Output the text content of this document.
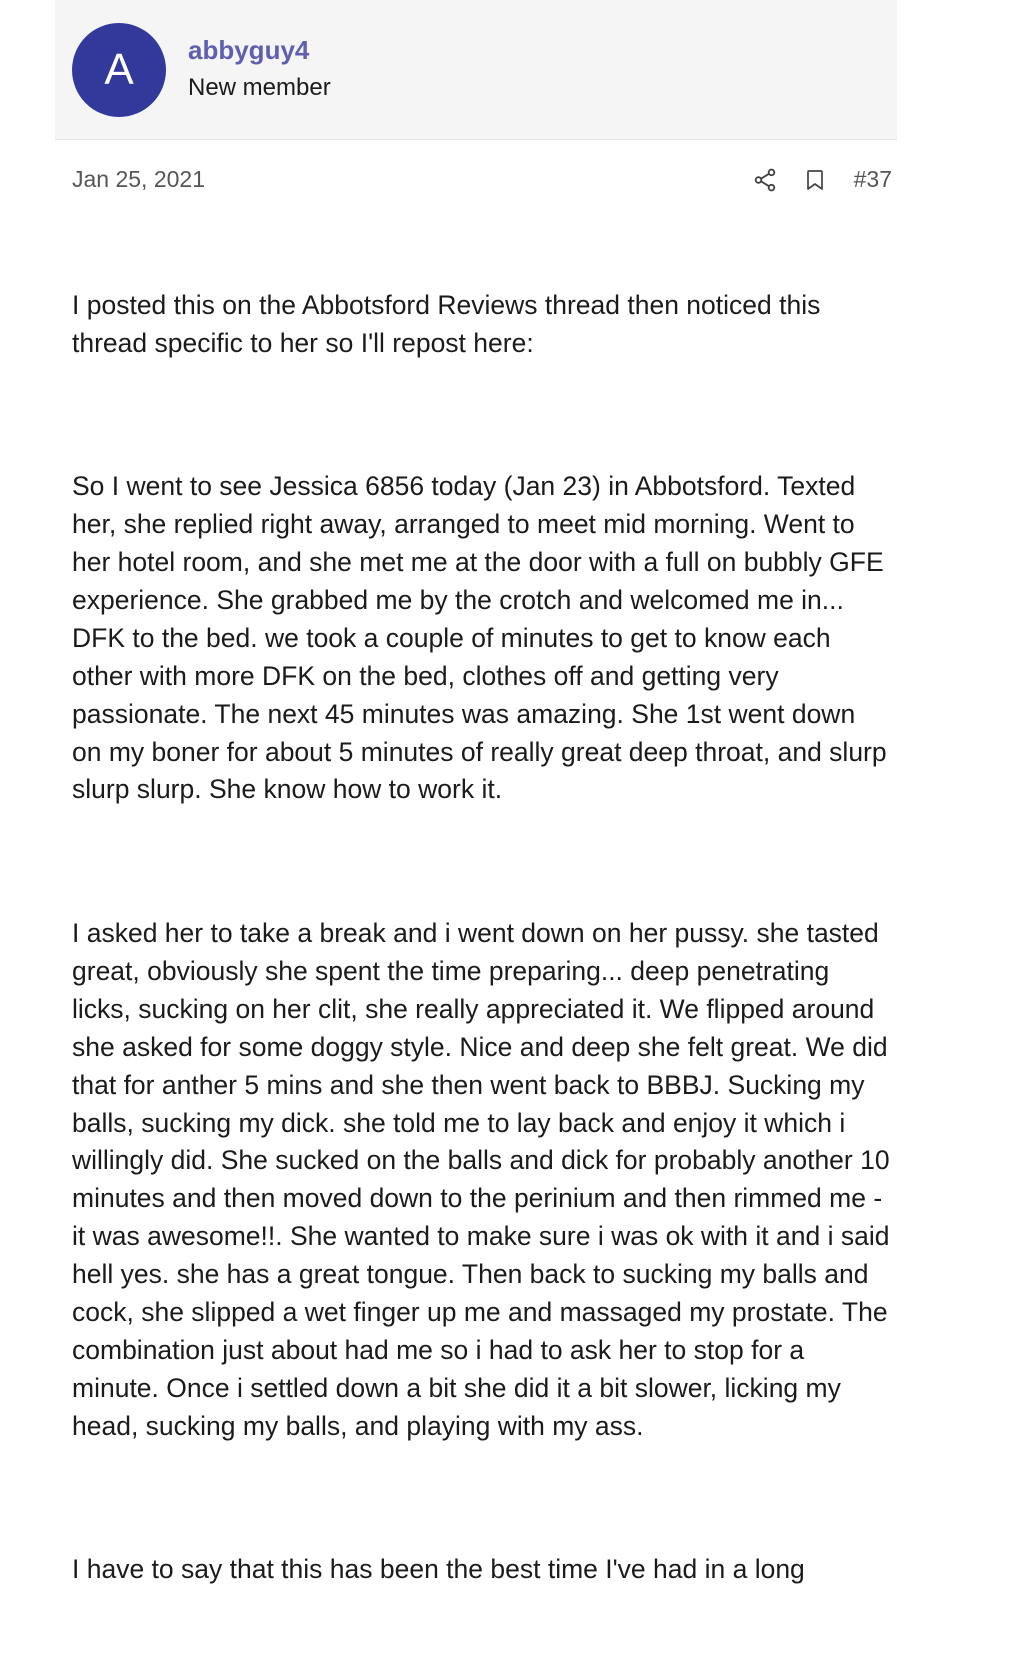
A	abbyguy4
New member
Jan 25, 2021	#37

I posted this on the Abbotsford Reviews thread then noticed this thread specific to her so I'll repost here:

So I went to see Jessica 6856 today (Jan 23) in Abbotsford. Texted her, she replied right away, arranged to meet mid morning. Went to her hotel room, and she met me at the door with a full on bubbly GFE experience. She grabbed me by the crotch and welcomed me in... DFK to the bed. we took a couple of minutes to get to know each other with more DFK on the bed, clothes off and getting very passionate. The next 45 minutes was amazing. She 1st went down on my boner for about 5 minutes of really great deep throat, and slurp slurp slurp. She know how to work it.

I asked her to take a break and i went down on her pussy. she tasted great, obviously she spent the time preparing... deep penetrating licks, sucking on her clit, she really appreciated it. We flipped around she asked for some doggy style. Nice and deep she felt great. We did that for anther 5 mins and she then went back to BBBJ. Sucking my balls, sucking my dick. she told me to lay back and enjoy it which i willingly did. She sucked on the balls and dick for probably another 10 minutes and then moved down to the perinium and then rimmed me - it was awesome!!. She wanted to make sure i was ok with it and i said hell yes. she has a great tongue. Then back to sucking my balls and cock, she slipped a wet finger up me and massaged my prostate. The combination just about had me so i had to ask her to stop for a minute. Once i settled down a bit she did it a bit slower, licking my head, sucking my balls, and playing with my ass.

I have to say that this has been the best time I've had in a long
